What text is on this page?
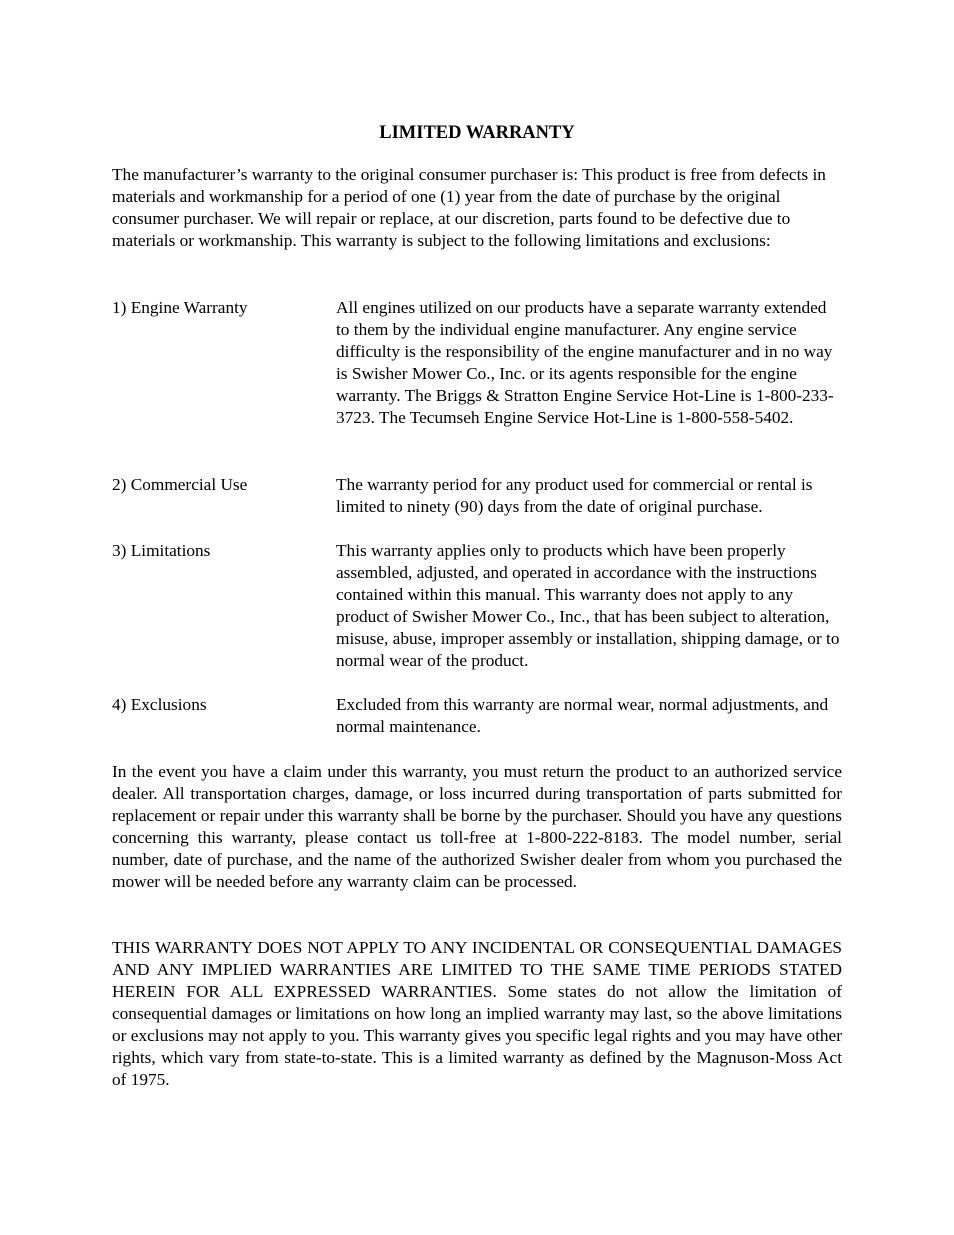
LIMITED WARRANTY

The manufacturer’s warranty to the original consumer purchaser is: This product is free from defects in materials and workmanship for a period of one (1) year from the date of purchase by the original consumer purchaser. We will repair or replace, at our discretion, parts found to be defective due to materials or workmanship. This warranty is subject to the following limitations and exclusions:

1) Engine Warranty	All engines utilized on our products have a separate warranty extended to them by the individual engine manufacturer. Any engine service difficulty is the responsibility of the engine manufacturer and in no way is Swisher Mower Co., Inc. or its agents responsible for the engine warranty. The Briggs & Stratton Engine Service Hot-Line is 1-800-233-3723. The Tecumseh Engine Service Hot-Line is 1-800-558-5402.
2) Commercial Use	The warranty period for any product used for commercial or rental is limited to ninety (90) days from the date of original purchase.
3) Limitations	This warranty applies only to products which have been properly assembled, adjusted, and operated in accordance with the instructions contained within this manual. This warranty does not apply to any product of Swisher Mower Co., Inc., that has been subject to alteration, misuse, abuse, improper assembly or installation, shipping damage, or to normal wear of the product.
4) Exclusions	Excluded from this warranty are normal wear, normal adjustments, and normal maintenance.

In the event you have a claim under this warranty, you must return the product to an authorized service dealer. All transportation charges, damage, or loss incurred during transportation of parts submitted for replacement or repair under this warranty shall be borne by the purchaser. Should you have any questions concerning this warranty, please contact us toll-free at 1-800-222-8183. The model number, serial number, date of purchase, and the name of the authorized Swisher dealer from whom you purchased the mower will be needed before any warranty claim can be processed.

THIS WARRANTY DOES NOT APPLY TO ANY INCIDENTAL OR CONSEQUENTIAL DAMAGES AND ANY IMPLIED WARRANTIES ARE LIMITED TO THE SAME TIME PERIODS STATED HEREIN FOR ALL EXPRESSED WARRANTIES. Some states do not allow the limitation of consequential damages or limitations on how long an implied warranty may last, so the above limitations or exclusions may not apply to you. This warranty gives you specific legal rights and you may have other rights, which vary from state-to-state. This is a limited warranty as defined by the Magnuson-Moss Act of 1975.
